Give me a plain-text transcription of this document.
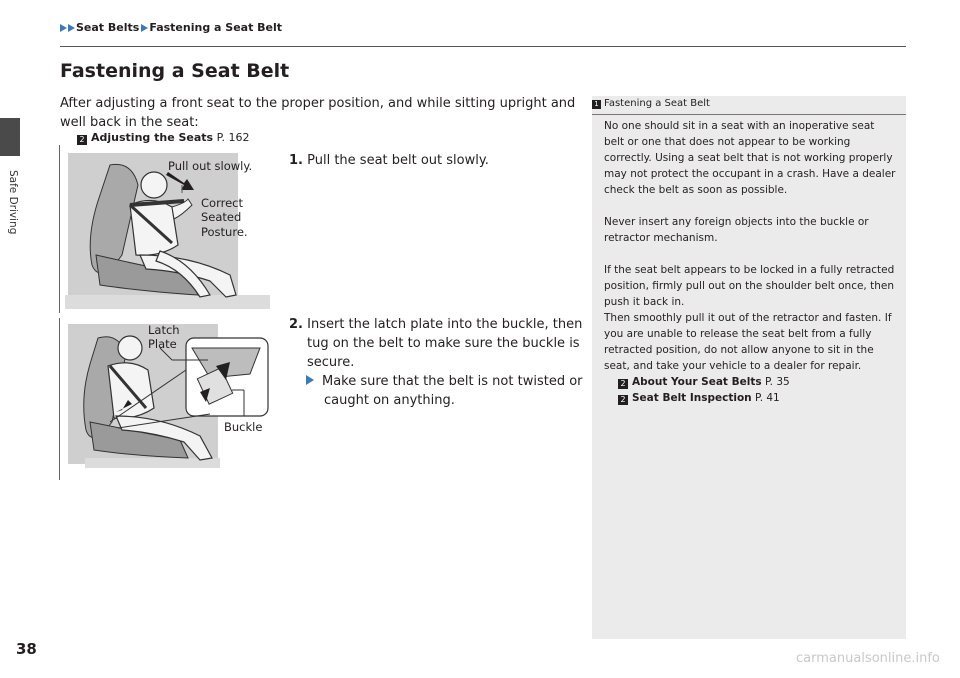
Safe Driving
Seat Belts Fastening a Seat Belt
Fastening a Seat Belt

After adjusting a front seat to the proper position, and while sitting upright and well back in the seat:

2 Adjusting the Seats P. 162
Pull out slowly.
Correct
Seated
Posture.
Latch
Plate
Buckle

1. Pull the seat belt out slowly.

2. Insert the latch plate into the buckle, then tug on the belt to make sure the buckle is secure.

Make sure that the belt is not twisted or caught on anything.
1 Fastening a Seat Belt

No one should sit in a seat with an inoperative seat belt or one that does not appear to be working correctly. Using a seat belt that is not working properly may not protect the occupant in a crash. Have a dealer check the belt as soon as possible.

Never insert any foreign objects into the buckle or retractor mechanism.

If the seat belt appears to be locked in a fully retracted position, firmly pull out on the shoulder belt once, then push it back in.

Then smoothly pull it out of the retractor and fasten. If you are unable to release the seat belt from a fully retracted position, do not allow anyone to sit in the seat, and take your vehicle to a dealer for repair.

2 About Your Seat Belts P. 35
2 Seat Belt Inspection P. 41
38
carmanualsonline.info
